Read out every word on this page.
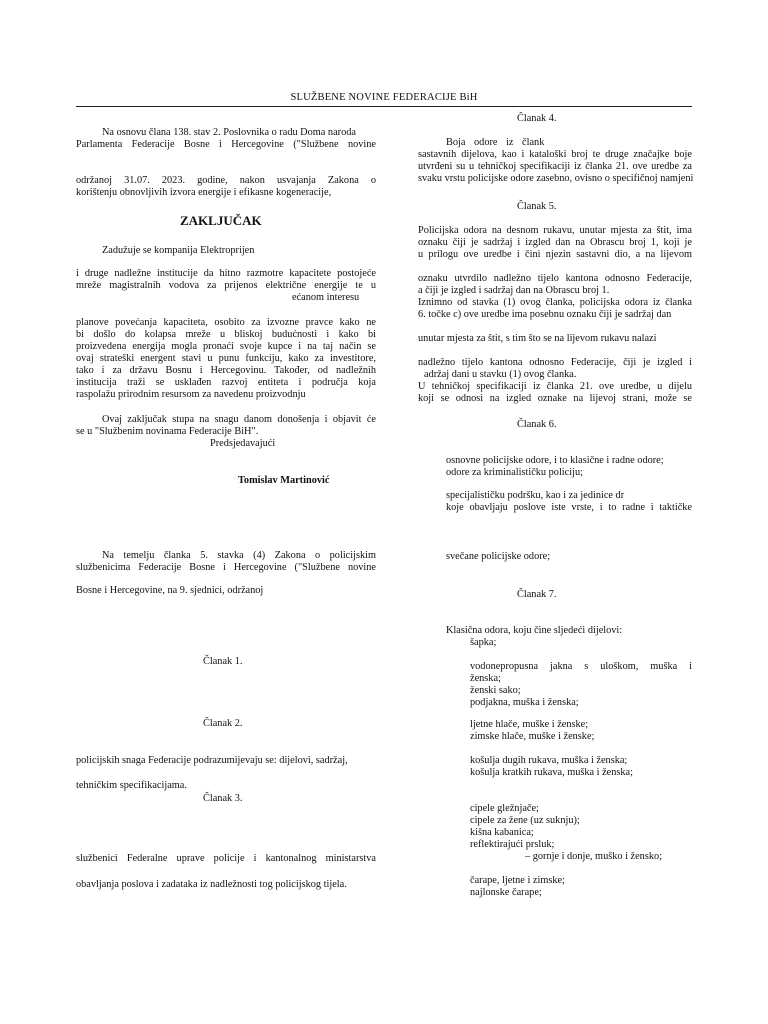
SLUŽBENE NOVINE FEDERACIJE BiH
Na osnovu člana 138. stav 2. Poslovnika o radu Doma naroda
Parlamenta Federacije Bosne i Hercegovine ("Službene novine
održanoj 31.07. 2023. godine, nakon usvajanja Zakona o
korištenju obnovljivih izvora energije i efikasne kogeneracije,
ZAKLJUČAK
Zadužuje se kompanija Elektroprijen
i druge nadležne institucije da hitno razmotre kapacitete postojeće
mreže magistralnih vodova za prijenos električne energije te u
ećanom interesu
planove povećanja kapaciteta, osobito za izvozne pravce kako ne
bi došlo do kolapsa mreže u bliskoj budućnosti i kako bi
proizvedena energija mogla pronaći svoje kupce i na taj način se
ovaj strateški energent stavi u punu funkciju, kako za investitore,
tako i za državu Bosnu i Hercegovinu. Također, od nadležnih
institucija traži se usklađen razvoj entiteta i područja koja
raspolažu prirodnim resursom za navedenu proizvodnju
Ovaj zaključak stupa na snagu danom donošenja i objavit će
se u "Službenim novinama Federacije BiH".
Predsjedavajući
Tomislav Martinović
Na temelju članka 5. stavka (4) Zakona o policijskim
službenicima Federacije Bosne i Hercegovine ("Službene novine
Bosne i Hercegovine, na 9. sjednici, održanoj
Članak 1.
Članak 2.
policijskih snaga Federacije podrazumijevaju se: dijelovi, sadržaj,
tehničkim specifikacijama.
Članak 3.
službenici Federalne uprave policije i kantonalnog ministarstva
obavljanja poslova i zadataka iz nadležnosti tog policijskog tijela.
Članak 4.
Boja odore iz člank
sastavnih dijelova, kao i kataloški broj te druge značajke boje
utvrđeni su u tehničkoj specifikaciji iz članka 21. ove uredbe za
svaku vrstu policijske odore zasebno, ovisno o specifičnoj namjeni
Članak 5.
Policijska odora na desnom rukavu, unutar mjesta za štit, ima
oznaku čiji je sadržaj i izgled dan na Obrascu broj 1, koji je
u prilogu ove uredbe i čini njezin sastavni dio, a na lijevom
oznaku utvrdilo nadležno tijelo kantona odnosno Federacije,
a čiji je izgled i sadržaj dan na Obrascu broj 1.
Iznimno od stavka (1) ovog članka, policijska odora iz članka
6. točke c) ove uredbe ima posebnu oznaku čiji je sadržaj dan
unutar mjesta za štit, s tim što se na lijevom rukavu nalazi
nadležno tijelo kantona odnosno Federacije, čiji je izgled i
adržaj dani u stavku (1) ovog članka.
U tehničkoj specifikaciji iz članka 21. ove uredbe, u dijelu
koji se odnosi na izgled oznake na lijevoj strani, može se
Članak 6.
osnovne policijske odore, i to klasične i radne odore;
odore za kriminalističku policiju;
specijalističku podršku, kao i za jedinice dr
koje obavljaju poslove iste vrste, i to radne i taktičke
svečane policijske odore;
Članak 7.
Klasična odora, koju čine sljedeći dijelovi:
šapka;
vodonepropusna jakna s uloškom, muška i
ženska;
ženski sako;
podjakna, muška i ženska;
ljetne hlače, muške i ženske;
zimske hlače, muške i ženske;
košulja dugih rukava, muška i ženska;
košulja kratkih rukava, muška i ženska;
cipele gležnjače;
cipele za žene (uz suknju);
kišna kabanica;
reflektirajući prsluk;
– gornje i donje, muško i žensko;
čarape, ljetne i zimske;
najlonske čarape;
